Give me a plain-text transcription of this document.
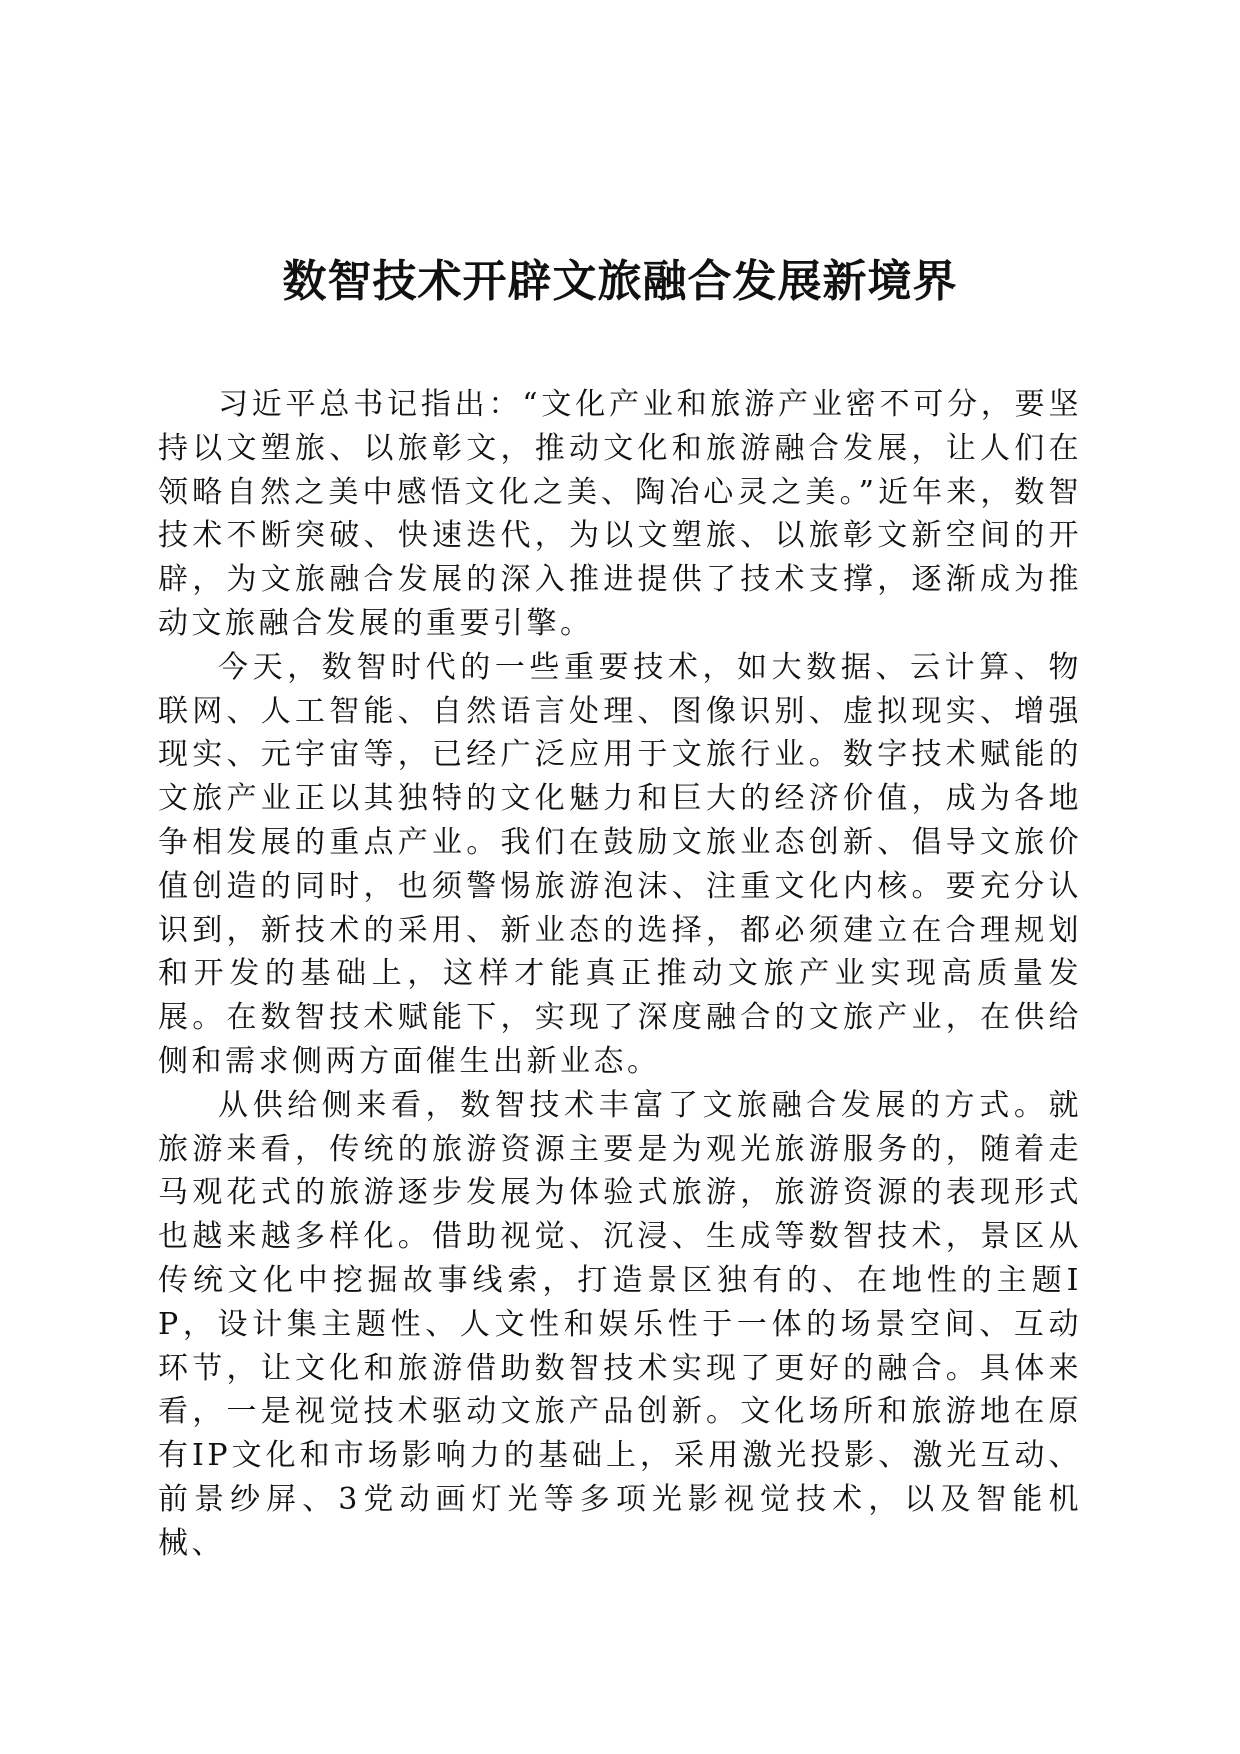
数智技术开辟文旅融合发展新境界

习近平总书记指出：“文化产业和旅游产业密不可分，要坚持以文塑旅、以旅彰文，推动文化和旅游融合发展，让人们在领略自然之美中感悟文化之美、陶冶心灵之美。”近年来，数智技术不断突破、快速迭代，为以文塑旅、以旅彰文新空间的开辟，为文旅融合发展的深入推进提供了技术支撑，逐渐成为推动文旅融合发展的重要引擎。

今天，数智时代的一些重要技术，如大数据、云计算、物联网、人工智能、自然语言处理、图像识别、虚拟现实、增强现实、元宇宙等，已经广泛应用于文旅行业。数字技术赋能的文旅产业正以其独特的文化魅力和巨大的经济价值，成为各地争相发展的重点产业。我们在鼓励文旅业态创新、倡导文旅价值创造的同时，也须警惕旅游泡沫、注重文化内核。要充分认识到，新技术的采用、新业态的选择，都必须建立在合理规划和开发的基础上，这样才能真正推动文旅产业实现高质量发展。在数智技术赋能下，实现了深度融合的文旅产业，在供给侧和需求侧两方面催生出新业态。

从供给侧来看，数智技术丰富了文旅融合发展的方式。就旅游来看，传统的旅游资源主要是为观光旅游服务的，随着走马观花式的旅游逐步发展为体验式旅游，旅游资源的表现形式也越来越多样化。借助视觉、沉浸、生成等数智技术，景区从传统文化中挖掘故事线索，打造景区独有的、在地性的主题IP，设计集主题性、人文性和娱乐性于一体的场景空间、互动环节，让文化和旅游借助数智技术实现了更好的融合。具体来看，一是视觉技术驱动文旅产品创新。文化场所和旅游地在原有IP文化和市场影响力的基础上，采用激光投影、激光互动、前景纱屏、3党动画灯光等多项光影视觉技术，以及智能机械、
